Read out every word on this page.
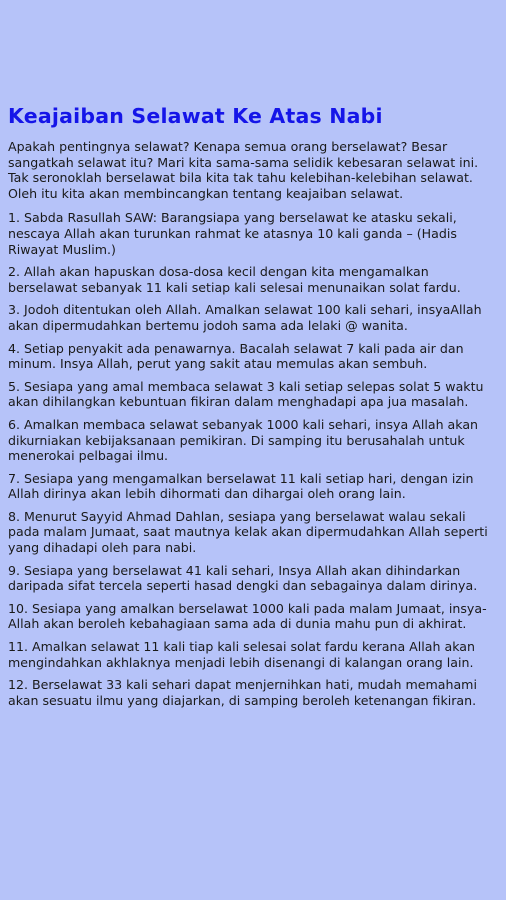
Keajaiban Selawat Ke Atas Nabi

Apakah pentingnya selawat? Kenapa semua orang berselawat? Besar sangatkah selawat itu? Mari kita sama-sama selidik kebesaran selawat ini. Tak seronoklah berselawat bila kita tak tahu kelebihan-kelebihan selawat. Oleh itu kita akan membincangkan tentang keajaiban selawat.

1. Sabda Rasullah SAW: Barangsiapa yang berselawat ke atasku sekali, nescaya Allah akan turunkan rahmat ke atasnya 10 kali ganda – (Hadis Riwayat Muslim.)

2. Allah akan hapuskan dosa-dosa kecil dengan kita mengamalkan berselawat sebanyak 11 kali setiap kali selesai menunaikan solat fardu.

3. Jodoh ditentukan oleh Allah. Amalkan selawat 100 kali sehari, insyaAllah akan dipermudahkan bertemu jodoh sama ada lelaki @ wanita.

4. Setiap penyakit ada penawarnya. Bacalah selawat 7 kali pada air dan minum. Insya Allah, perut yang sakit atau memulas akan sembuh.

5. Sesiapa yang amal membaca selawat 3 kali setiap selepas solat 5 waktu akan dihilangkan kebuntuan fikiran dalam menghadapi apa jua masalah.

6. Amalkan membaca selawat sebanyak 1000 kali sehari, insya Allah akan dikurniakan kebijaksanaan pemikiran. Di samping itu berusahalah untuk menerokai pelbagai ilmu.

7. Sesiapa yang mengamalkan berselawat 11 kali setiap hari, dengan izin Allah dirinya akan lebih dihormati dan dihargai oleh orang lain.

8. Menurut Sayyid Ahmad Dahlan, sesiapa yang berselawat walau sekali pada malam Jumaat, saat mautnya kelak akan dipermudahkan Allah seperti yang dihadapi oleh para nabi.

9. Sesiapa yang berselawat 41 kali sehari, Insya Allah akan dihindarkan daripada sifat tercela seperti hasad dengki dan sebagainya dalam dirinya.

10. Sesiapa yang amalkan berselawat 1000 kali pada malam Jumaat, insya-Allah akan beroleh kebahagiaan sama ada di dunia mahu pun di akhirat.

11. Amalkan selawat 11 kali tiap kali selesai solat fardu kerana Allah akan mengindahkan akhlaknya menjadi lebih disenangi di kalangan orang lain.

12. Berselawat 33 kali sehari dapat menjernihkan hati, mudah memahami akan sesuatu ilmu yang diajarkan, di samping beroleh ketenangan fikiran.
